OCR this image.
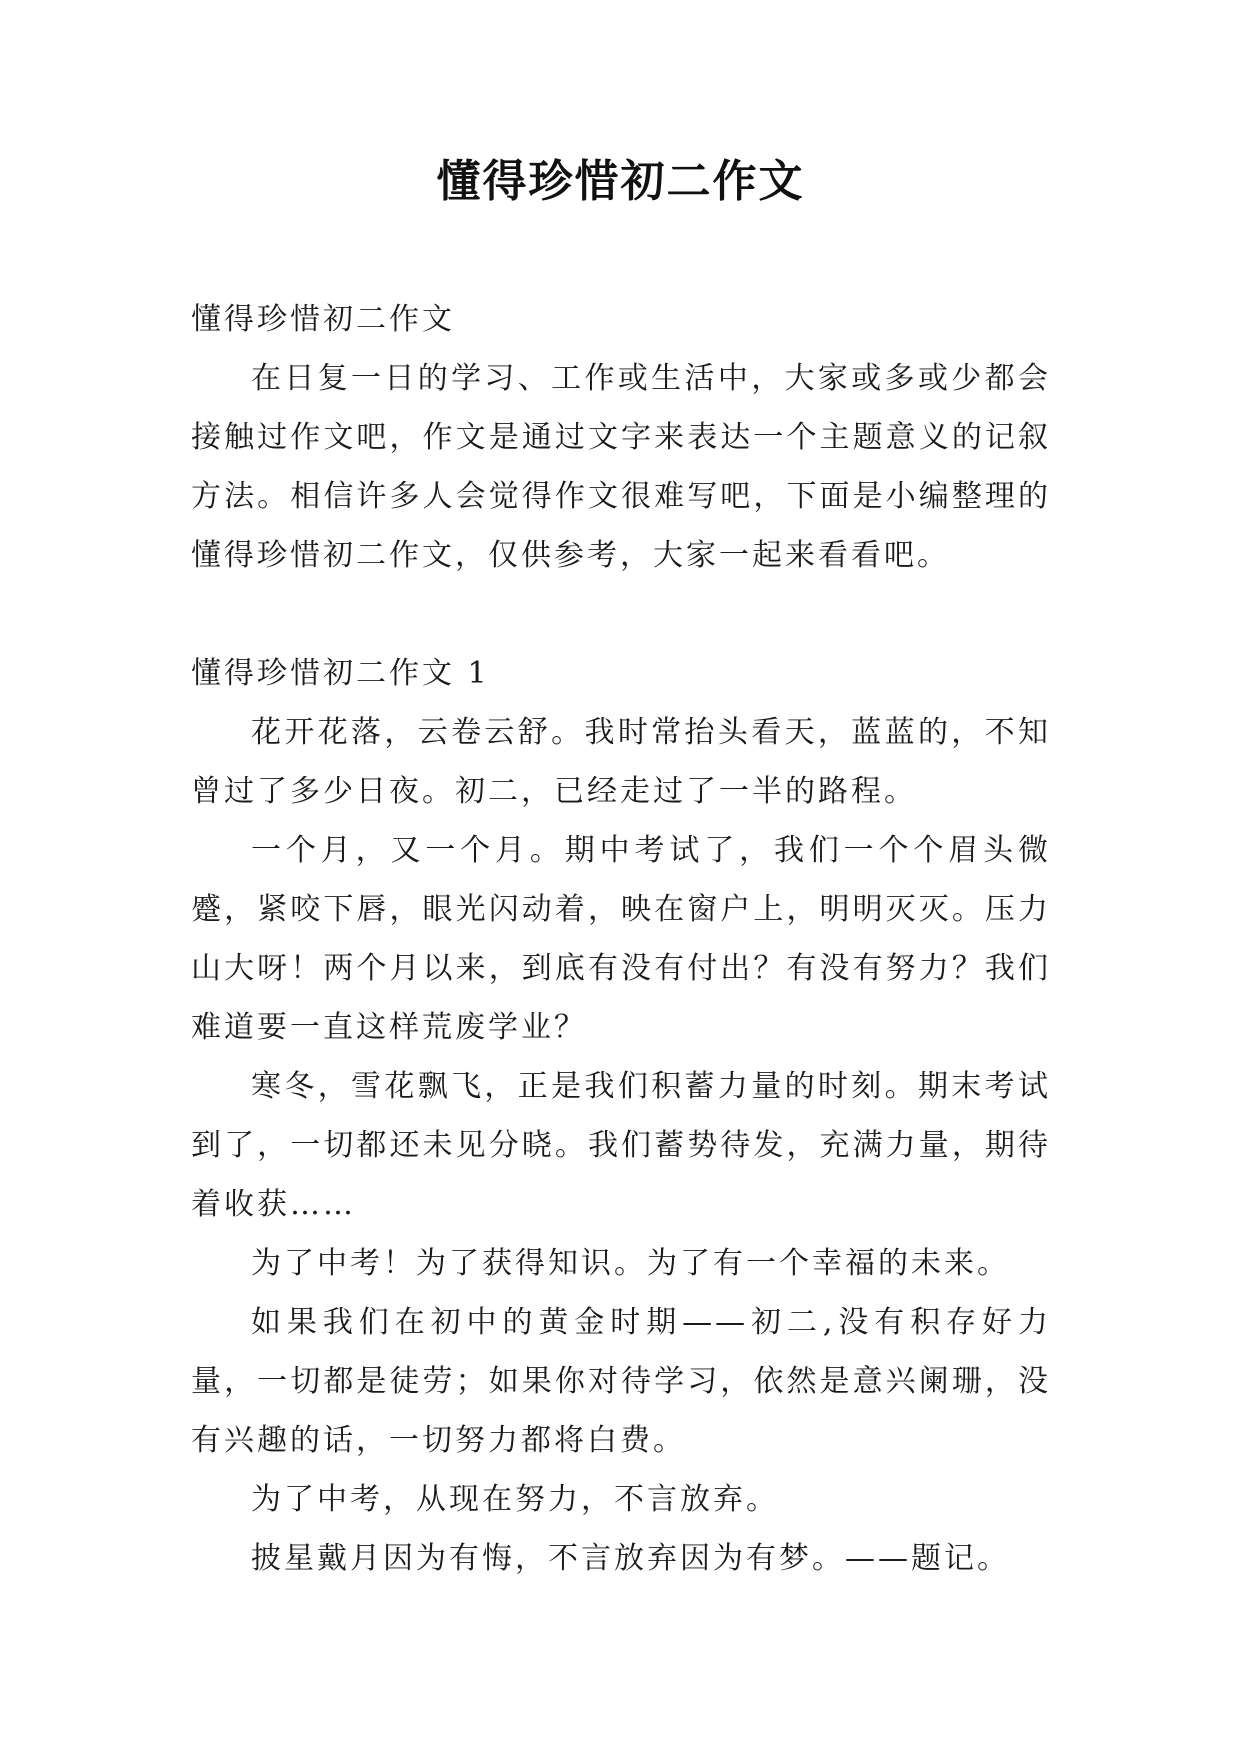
懂得珍惜初二作文

懂得珍惜初二作文

在日复一日的学习、工作或生活中，大家或多或少都会接触过作文吧，作文是通过文字来表达一个主题意义的记叙方法。相信许多人会觉得作文很难写吧，下面是小编整理的懂得珍惜初二作文，仅供参考，大家一起来看看吧。

懂得珍惜初二作文 1

花开花落，云卷云舒。我时常抬头看天，蓝蓝的，不知曾过了多少日夜。初二，已经走过了一半的路程。

一个月，又一个月。期中考试了，我们一个个眉头微蹙，紧咬下唇，眼光闪动着，映在窗户上，明明灭灭。压力山大呀！两个月以来，到底有没有付出？有没有努力？我们难道要一直这样荒废学业？

寒冬，雪花飘飞，正是我们积蓄力量的时刻。期末考试到了，一切都还未见分晓。我们蓄势待发，充满力量，期待着收获……

为了中考！为了获得知识。为了有一个幸福的未来。

如果我们在初中的黄金时期——初二,没有积存好力量，一切都是徒劳；如果你对待学习，依然是意兴阑珊，没有兴趣的话，一切努力都将白费。

为了中考，从现在努力，不言放弃。

披星戴月因为有悔，不言放弃因为有梦。——题记。
